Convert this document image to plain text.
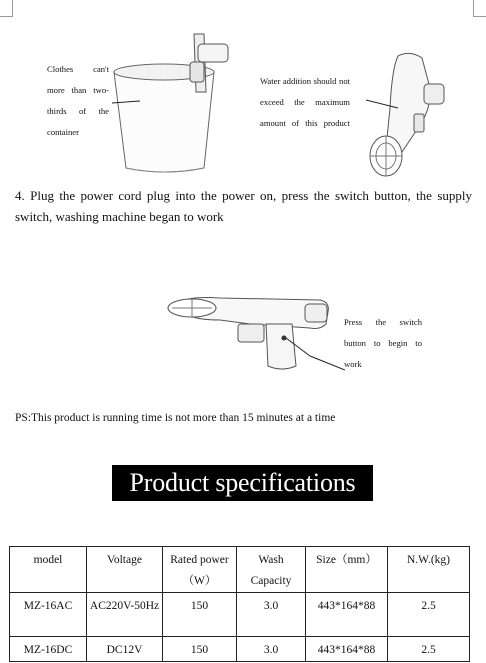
Clothes can't more than two-thirds of the container
Water addition should not exceed the maximum amount of this product
4. Plug the power cord plug into the power on, press the switch button, the supply switch, washing machine began to work
Press the switch button to begin to work
PS:This product is running time is not more than 15 minutes at a time
Product specifications
model	Voltage	Rated power（W）	Wash Capacity	Size（mm）	N.W.(kg)
MZ-16AC	AC220V-50Hz	150	3.0	443*164*88	2.5
MZ-16DC	DC12V	150	3.0	443*164*88	2.5
